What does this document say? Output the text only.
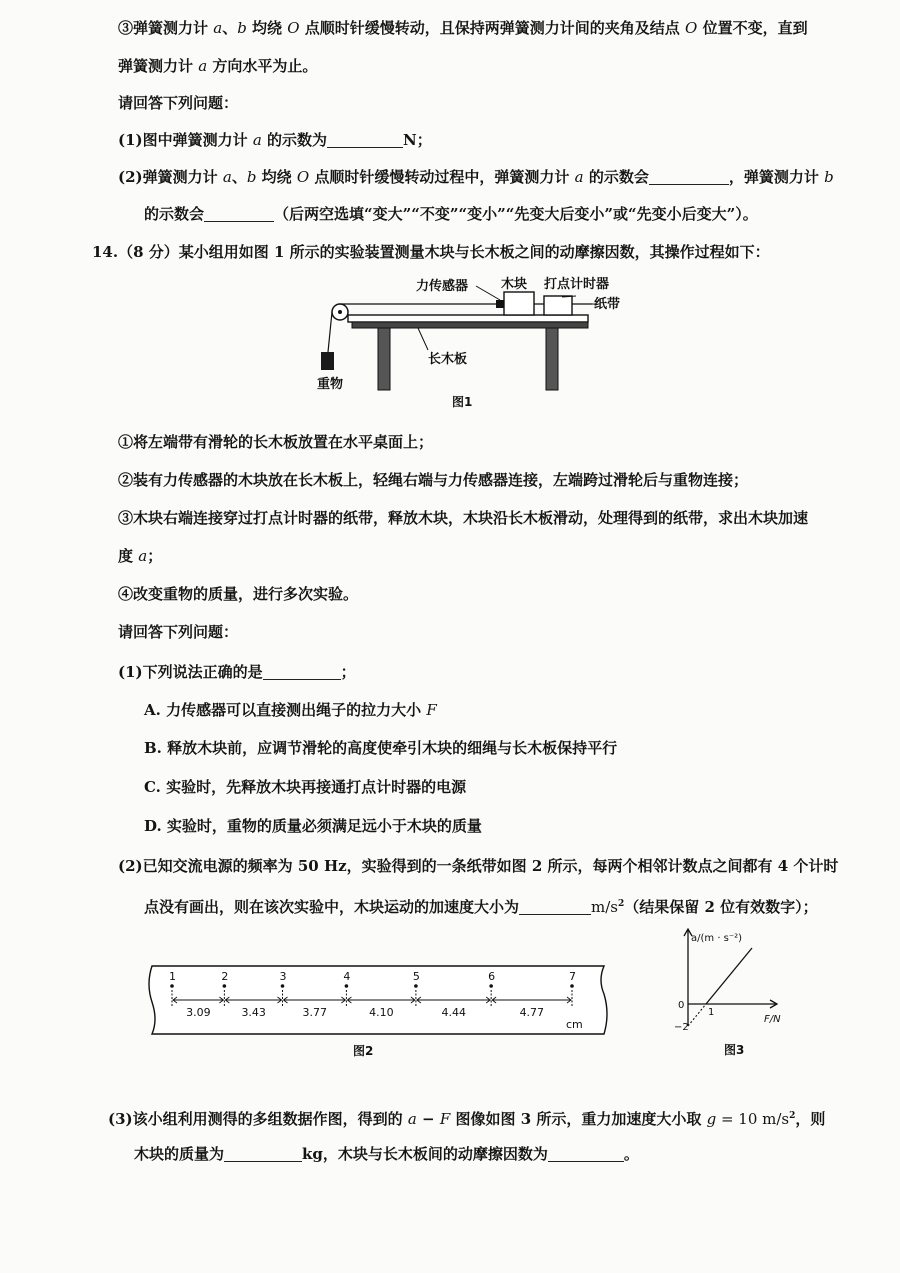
③弹簧测力计 a、b 均绕 O 点顺时针缓慢转动，且保持两弹簧测力计间的夹角及结点 O 位置不变，直到
弹簧测力计 a 方向水平为止。
请回答下列问题：
(1)图中弹簧测力计 a 的示数为	N；
(2)弹簧测力计 a、b 均绕 O 点顺时针缓慢转动过程中，弹簧测力计 a 的示数会	，弹簧测力计 b
的示数会	（后两空选填“变大”“不变”“变小”“先变大后变小”或“先变小后变大”）。
14.（8 分）某小组用如图 1 所示的实验装置测量木块与长木板之间的动摩擦因数，其操作过程如下：
力传感器	木块 打点计时器
纸带
长木板
重物
图1
①将左端带有滑轮的长木板放置在水平桌面上；
②装有力传感器的木块放在长木板上，轻绳右端与力传感器连接，左端跨过滑轮后与重物连接；
③木块右端连接穿过打点计时器的纸带，释放木块，木块沿长木板滑动，处理得到的纸带，求出木块加速
度 a；
④改变重物的质量，进行多次实验。
请回答下列问题：
(1)下列说法正确的是	；
A. 力传感器可以直接测出绳子的拉力大小 F
B. 释放木块前，应调节滑轮的高度使牵引木块的细绳与长木板保持平行
C. 实验时，先释放木块再接通打点计时器的电源
D. 实验时，重物的质量必须满足远小于木块的质量
(2)已知交流电源的频率为 50 Hz，实验得到的一条纸带如图 2 所示，每两个相邻计数点之间都有 4 个计时
点没有画出，则在该次实验中，木块运动的加速度大小为	$m/s^2$（结果保留 2 位有效数字）；
1	2	3	4	5	6	7
3.09	3.43	3.77	4.10	4.44	4.77
cm
图2
a/(m · s⁻²)
F/N
0
−2
1
图3
(3)该小组利用测得的多组数据作图，得到的 a − F 图像如图 3 所示，重力加速度大小取 g = 10 $m/s^2$，则
木块的质量为	kg，木块与长木板间的动摩擦因数为	。
